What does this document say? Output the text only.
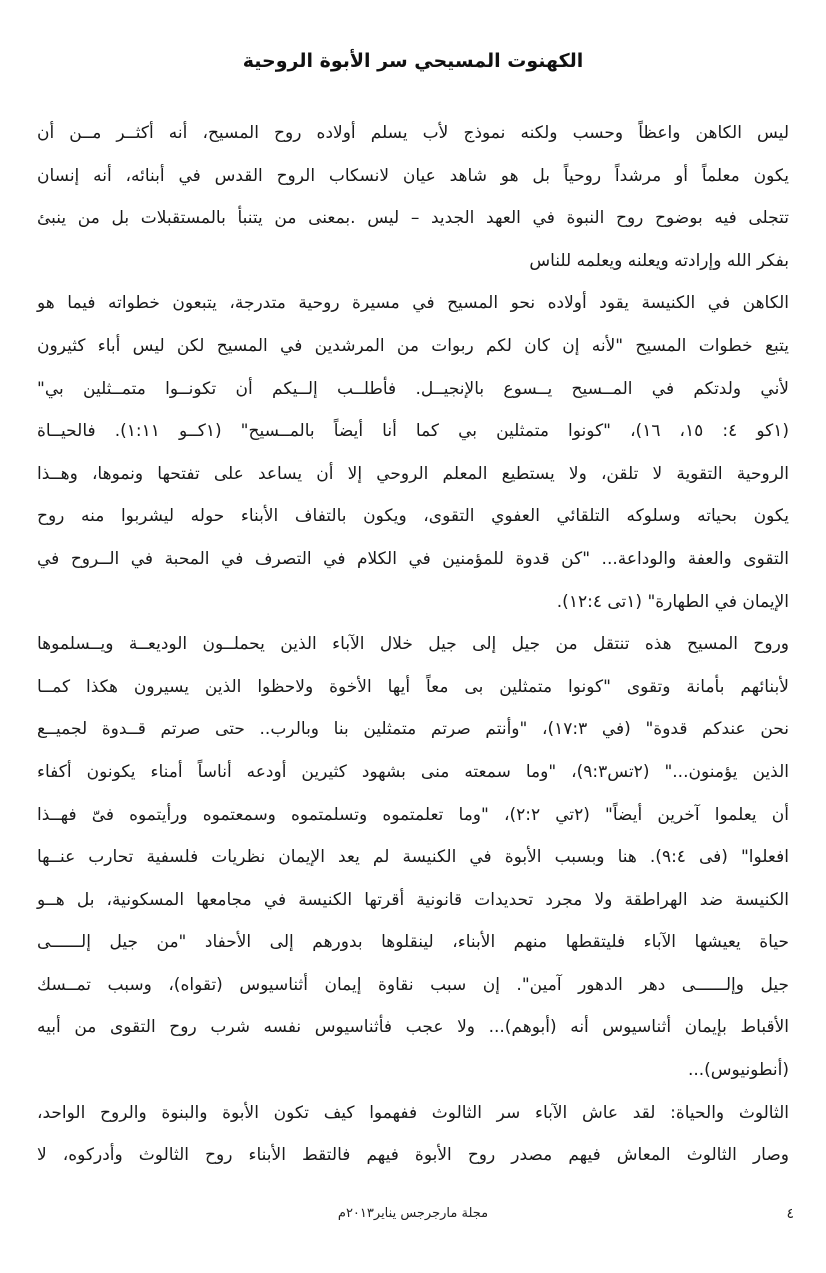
الكهنوت المسيحي سر الأبوة الروحية
ليس الكاهن واعظاً وحسب ولكنه نموذج لأب يسلم أولاده روح المسيح، أنه أكثــر مــن أن
يكون معلماً أو مرشداً روحياً بل هو شاهد عيان لانسكاب الروح القدس في أبنائه، أنه إنسان
تتجلى فيه بوضوح روح النبوة في العهد الجديد – ليس .بمعنى من يتنبأ بالمستقبلات بل من ينبئ
بفكر الله وإرادته ويعلنه ويعلمه للناس
الكاهن في الكنيسة يقود أولاده نحو المسيح في مسيرة روحية متدرجة، يتبعون خطواته فيما هو
يتبع خطوات المسيح "لأنه إن كان لكم ربوات من المرشدين في المسيح لكن ليس أباء كثيرون
لأني ولدتكم في المــسيح يــسوع بالإنجيــل. فأطلــب إلــيكم أن تكونــوا متمــثلين بي"
(١كو ٤: ١٥، ١٦)، "كونوا متمثلين بي كما أنا أيضاً بالمــسيح" (١كــو ١:١١). فالحيــاة
الروحية التقوية لا تلقن، ولا يستطيع المعلم الروحي إلا أن يساعد على تفتحها ونموها، وهــذا
يكون بحياته وسلوكه التلقائي العفوي التقوى، ويكون بالتفاف الأبناء حوله ليشربوا منه روح
التقوى والعفة والوداعة... "كن قدوة للمؤمنين في الكلام في التصرف في المحبة في الــروح في
الإيمان في الطهارة" (١تى ١٢:٤).
وروح المسيح هذه تنتقل من جيل إلى جيل خلال الآباء الذين يحملــون الوديعــة ويــسلموها
لأبنائهم بأمانة وتقوى "كونوا متمثلين بى معاً أيها الأخوة ولاحظوا الذين يسيرون هكذا كمــا
نحن عندكم قدوة" (في ١٧:٣)، "وأنتم صرتم متمثلين بنا وبالرب.. حتى صرتم قــدوة لجميــع
الذين يؤمنون..." (٢تس٩:٣)، "وما سمعته منى بشهود كثيرين أودعه أناساً أمناء يكونون أكفاء
أن يعلموا آخرين أيضاً" (٢تي ٢:٢)، "وما تعلمتموه وتسلمتموه وسمعتموه ورأيتموه فىّ فهــذا
افعلوا" (فى ٩:٤). هنا وبسبب الأبوة في الكنيسة لم يعد الإيمان نظريات فلسفية تحارب عنــها
الكنيسة ضد الهراطقة ولا مجرد تحديدات قانونية أقرتها الكنيسة في مجامعها المسكونية، بل هــو
حياة يعيشها الآباء فليتقطها منهم الأبناء، لينقلوها بدورهم إلى الأحفاد "من جيل إلــــــى
جيل وإلــــــى دهر الدهور آمين". إن سبب نقاوة إيمان أثناسيوس (تقواه)، وسبب تمــسك
الأقباط بإيمان أثناسيوس أنه (أبوهم)... ولا عجب فأثناسيوس نفسه شرب روح التقوى من أبيه
(أنطونيوس)...
الثالوث والحياة: لقد عاش الآباء سر الثالوث ففهموا كيف تكون الأبوة والبنوة والروح الواحد،
وصار الثالوث المعاش فيهم مصدر روح الأبوة فيهم فالتقط الأبناء روح الثالوث وأدركوه، لا
مجلة مارجرجس يناير٢٠١٣م	٤
